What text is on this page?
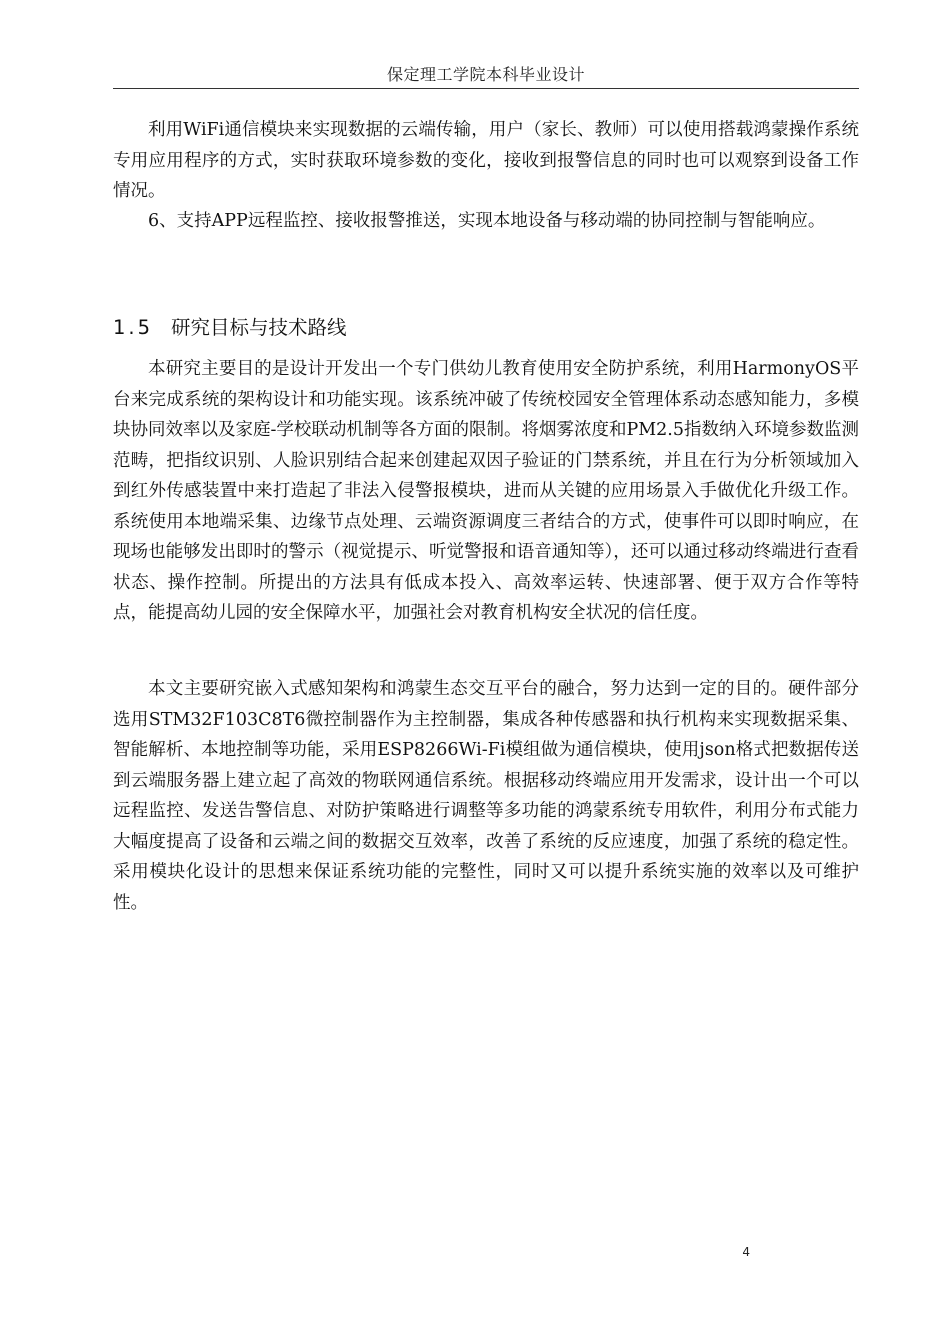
保定理工学院本科毕业设计

利用WiFi通信模块来实现数据的云端传输，用户（家长、教师）可以使用搭载鸿蒙操作系统专用应用程序的方式，实时获取环境参数的变化，接收到报警信息的同时也可以观察到设备工作情况。

6、支持APP远程监控、接收报警推送，实现本地设备与移动端的协同控制与智能响应。

1.5 研究目标与技术路线

本研究主要目的是设计开发出一个专门供幼儿教育使用安全防护系统，利用HarmonyOS平台来完成系统的架构设计和功能实现。该系统冲破了传统校园安全管理体系动态感知能力，多模块协同效率以及家庭-学校联动机制等各方面的限制。将烟雾浓度和PM2.5指数纳入环境参数监测范畴，把指纹识别、人脸识别结合起来创建起双因子验证的门禁系统，并且在行为分析领域加入到红外传感装置中来打造起了非法入侵警报模块，进而从关键的应用场景入手做优化升级工作。系统使用本地端采集、边缘节点处理、云端资源调度三者结合的方式，使事件可以即时响应，在现场也能够发出即时的警示（视觉提示、听觉警报和语音通知等），还可以通过移动终端进行查看状态、操作控制。所提出的方法具有低成本投入、高效率运转、快速部署、便于双方合作等特点，能提高幼儿园的安全保障水平，加强社会对教育机构安全状况的信任度。

本文主要研究嵌入式感知架构和鸿蒙生态交互平台的融合，努力达到一定的目的。硬件部分选用STM32F103C8T6微控制器作为主控制器，集成各种传感器和执行机构来实现数据采集、智能解析、本地控制等功能，采用ESP8266Wi-Fi模组做为通信模块，使用json格式把数据传送到云端服务器上建立起了高效的物联网通信系统。根据移动终端应用开发需求，设计出一个可以远程监控、发送告警信息、对防护策略进行调整等多功能的鸿蒙系统专用软件，利用分布式能力大幅度提高了设备和云端之间的数据交互效率，改善了系统的反应速度，加强了系统的稳定性。采用模块化设计的思想来保证系统功能的完整性，同时又可以提升系统实施的效率以及可维护性。

4
